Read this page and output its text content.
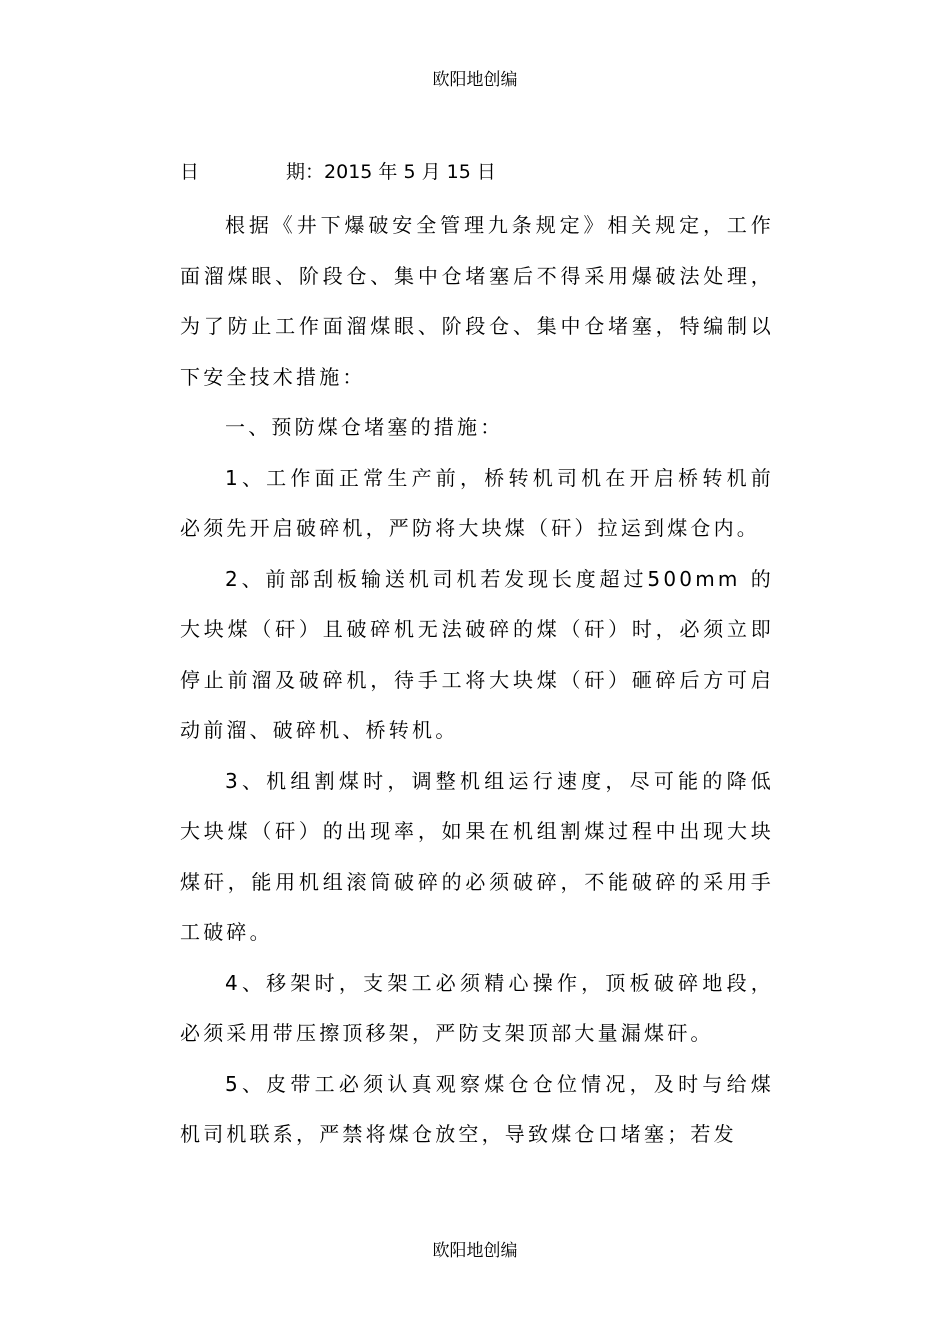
欧阳地创编
日	期：2015 年 5 月 15 日

根据《井下爆破安全管理九条规定》相关规定，工作面溜煤眼、阶段仓、集中仓堵塞后不得采用爆破法处理，为了防止工作面溜煤眼、阶段仓、集中仓堵塞，特编制以下安全技术措施：

一、预防煤仓堵塞的措施：

1、工作面正常生产前，桥转机司机在开启桥转机前必须先开启破碎机，严防将大块煤（矸）拉运到煤仓内。

2、前部刮板输送机司机若发现长度超过500mm 的大块煤（矸）且破碎机无法破碎的煤（矸）时，必须立即停止前溜及破碎机，待手工将大块煤（矸）砸碎后方可启动前溜、破碎机、桥转机。

3、机组割煤时，调整机组运行速度，尽可能的降低大块煤（矸）的出现率，如果在机组割煤过程中出现大块煤矸，能用机组滚筒破碎的必须破碎，不能破碎的采用手工破碎。

4、移架时，支架工必须精心操作，顶板破碎地段，必须采用带压擦顶移架，严防支架顶部大量漏煤矸。

5、皮带工必须认真观察煤仓仓位情况，及时与给煤机司机联系，严禁将煤仓放空，导致煤仓口堵塞；若发

欧阳地创编
